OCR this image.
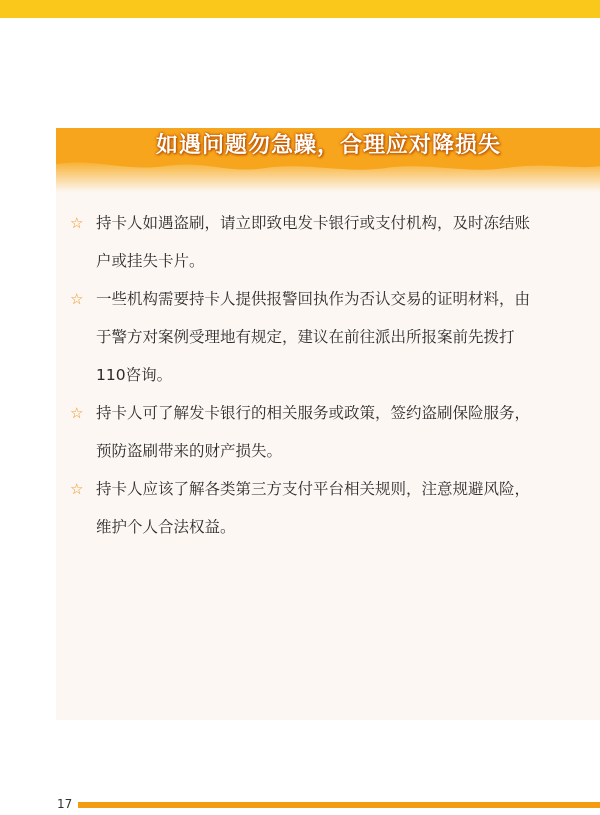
如遇问题勿急躁，合理应对降损失
☆ 持卡人如遇盗刷，请立即致电发卡银行或支付机构，及时冻结账户或挂失卡片。
☆ 一些机构需要持卡人提供报警回执作为否认交易的证明材料，由于警方对案例受理地有规定，建议在前往派出所报案前先拨打110咨询。
☆ 持卡人可了解发卡银行的相关服务或政策，签约盗刷保险服务，预防盗刷带来的财产损失。
☆ 持卡人应该了解各类第三方支付平台相关规则，注意规避风险，维护个人合法权益。
17
